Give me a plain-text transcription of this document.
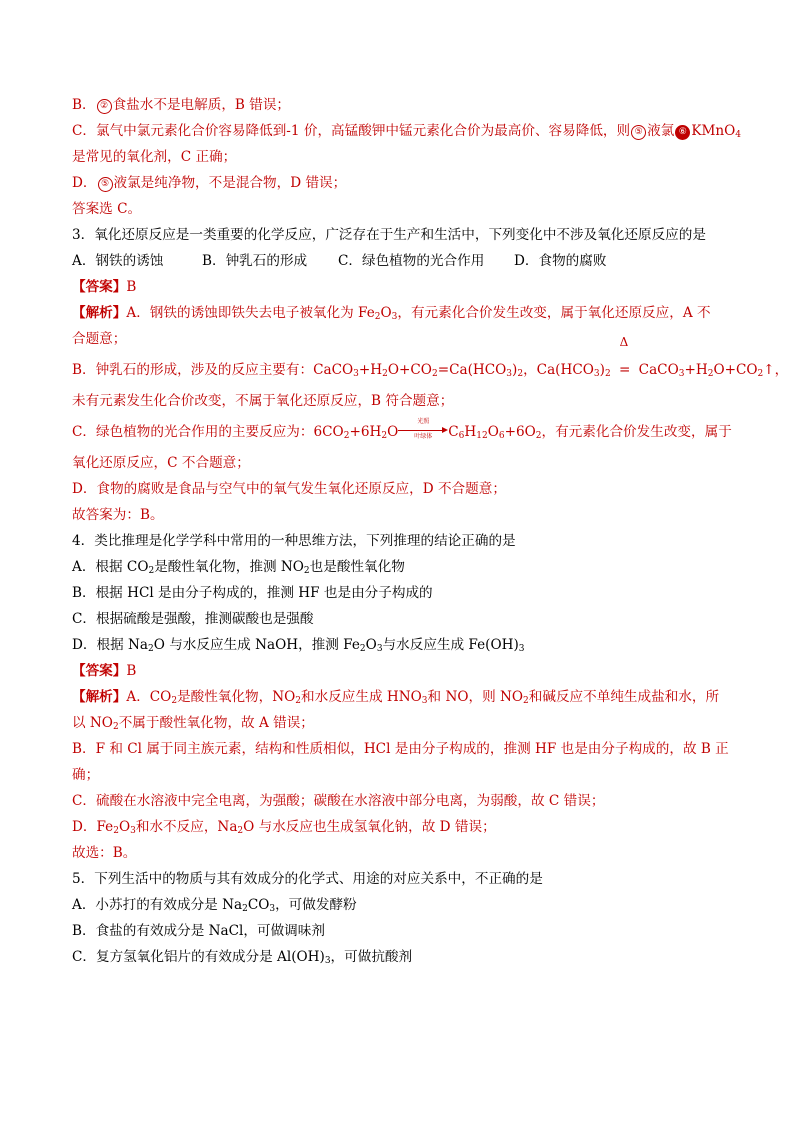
B． ② 食盐水不是电解质，B 错误；
C．氯气中氯元素化合价容易降低到-1 价，高锰酸钾中锰元素化合价为最高价、容易降低，则 ⑤ 液氯 ⑥ KMnO$_4$
是常见的氧化剂，C 正确；
D． ⑤ 液氯是纯净物，不是混合物，D 错误；
答案选 C。
3．氧化还原反应是一类重要的化学反应，广泛存在于生产和生活中，下列变化中不涉及氧化还原反应的是
A．钢铁的诱蚀	B．钟乳石的形成 C．绿色植物的光合作用 D．食物的腐败
【答案】B
【解析】A．钢铁的诱蚀即铁失去电子被氧化为 $Fe_2O_3$，有元素化合价发生改变，属于氧化还原反应，A 不
合题意；
B．钟乳石的形成，涉及的反应主要有：$CaCO_3+H_2O+CO_2=Ca(HCO_3)_2$，$Ca(HCO_3)_2$
Δ
= $CaCO_3+H_2O+CO_2↑$，
未有元素发生化合价改变，不属于氧化还原反应，B 符合题意；
C．绿色植物的光合作用的主要反应为：$6CO_2+6H_2O$
光照
叶绿体	$C_6H_{12}O_6+6O_2$，有元素化合价发生改变，属于
氧化还原反应，C 不合题意；
D．食物的腐败是食品与空气中的氧气发生氧化还原反应，D 不合题意；
故答案为：B。
4．类比推理是化学学科中常用的一种思维方法，下列推理的结论正确的是
A．根据 $CO_2$是酸性氧化物，推测 $NO_2$也是酸性氧化物
B．根据 HCl 是由分子构成的，推测 HF 也是由分子构成的
C．根据硫酸是强酸，推测碳酸也是强酸
D．根据 $Na_2O$ 与水反应生成 NaOH，推测 $Fe_2O_3$与水反应生成 $Fe(OH)_3$
【答案】B
【解析】A．$CO_2$是酸性氧化物，$NO_2$和水反应生成 $HNO_3$和 NO，则 $NO_2$和碱反应不单纯生成盐和水，所
以 $NO_2$不属于酸性氧化物，故 A 错误；
B．F 和 Cl 属于同主族元素，结构和性质相似，HCl 是由分子构成的，推测 HF 也是由分子构成的，故 B 正
确；
C．硫酸在水溶液中完全电离，为强酸；碳酸在水溶液中部分电离，为弱酸，故 C 错误；
D．$Fe_2O_3$和水不反应，$Na_2O$ 与水反应也生成氢氧化钠，故 D 错误；
故选：B。
5．下列生活中的物质与其有效成分的化学式、用途的对应关系中，不正确的是
A．小苏打的有效成分是 $Na_2CO_3$，可做发酵粉
B．食盐的有效成分是 NaCl，可做调味剂
C．复方氢氧化铝片的有效成分是 $Al(OH)_3$，可做抗酸剂
